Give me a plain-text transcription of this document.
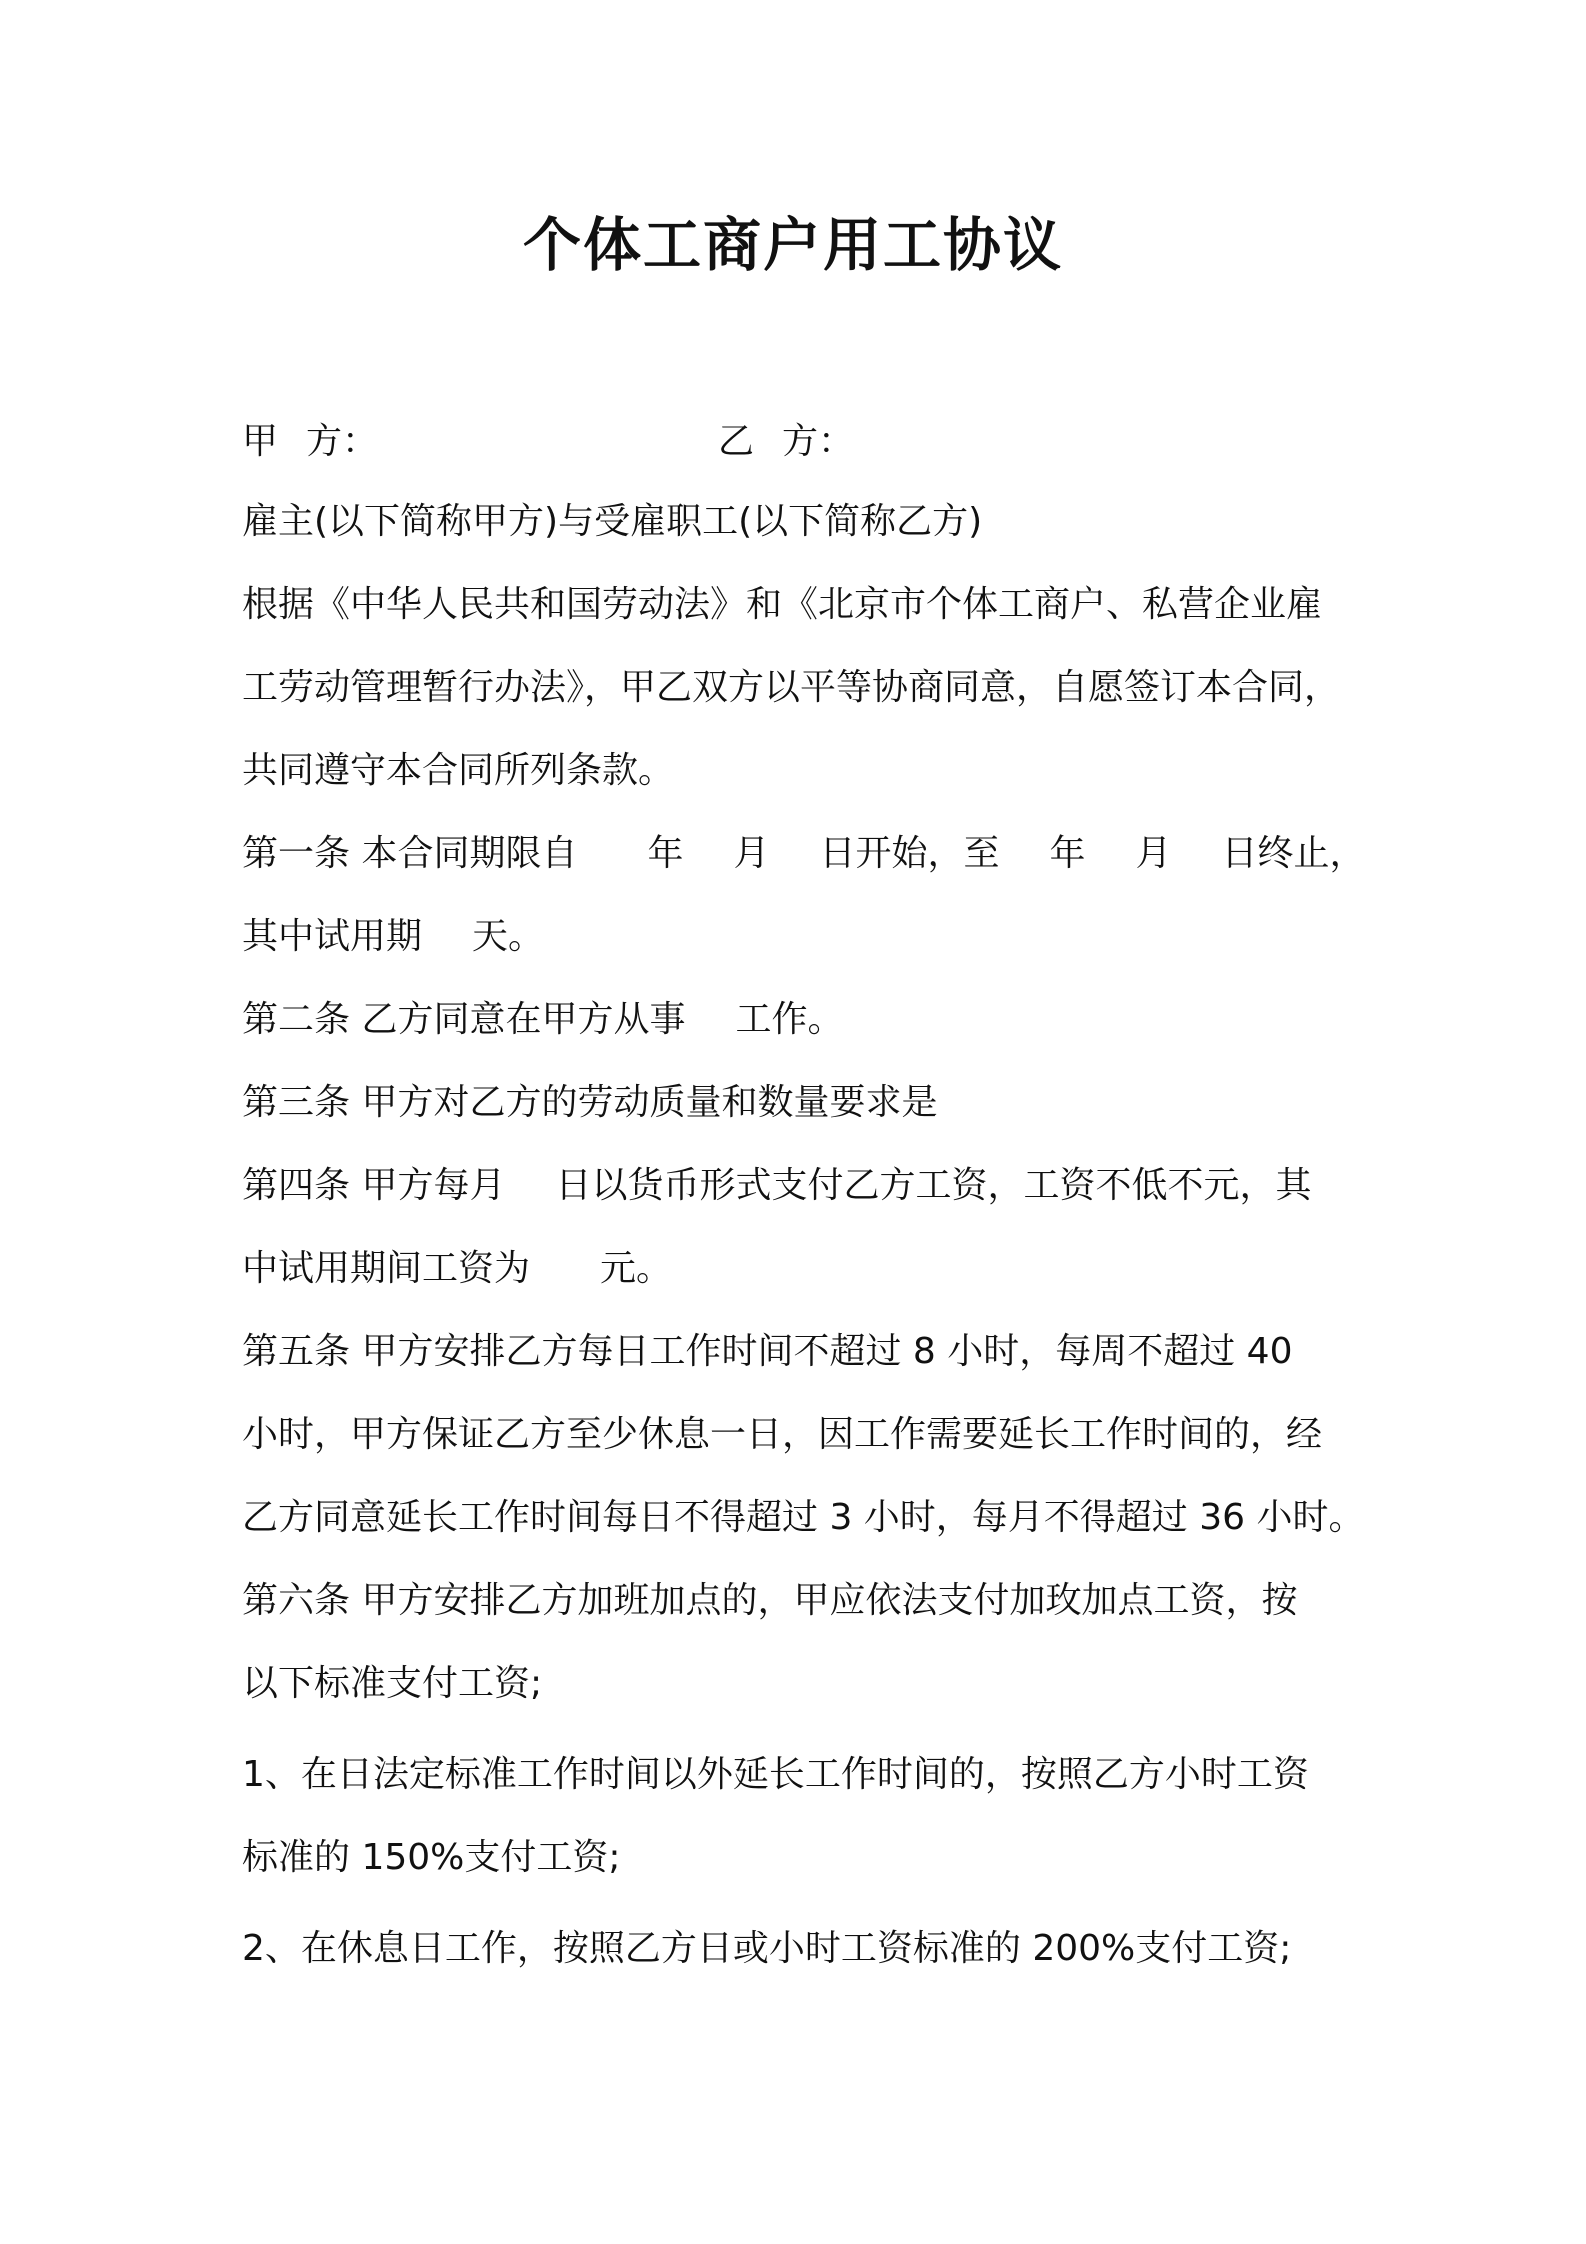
个体工商户用工协议
甲 方：	乙 方：
雇主(以下简称甲方)与受雇职工(以下简称乙方)
根据《中华人民共和国劳动法》和《北京市个体工商户、私营企业雇
工劳动管理暂行办法》，甲乙双方以平等协商同意，自愿签订本合同，
共同遵守本合同所列条款。
第一条 本合同期限自 年 月 日开始，至 年 月 日终止，
其中试用期 天。
第二条 乙方同意在甲方从事 工作。
第三条 甲方对乙方的劳动质量和数量要求是
第四条 甲方每月 日以货币形式支付乙方工资，工资不低不元，其
中试用期间工资为 元。
第五条 甲方安排乙方每日工作时间不超过 8 小时，每周不超过 40
小时，甲方保证乙方至少休息一日，因工作需要延长工作时间的，经
乙方同意延长工作时间每日不得超过 3 小时，每月不得超过 36 小时。
第六条 甲方安排乙方加班加点的，甲应依法支付加玫加点工资，按
以下标准支付工资;
1、在日法定标准工作时间以外延长工作时间的，按照乙方小时工资
标准的 150%支付工资;
2、在休息日工作，按照乙方日或小时工资标准的 200%支付工资;
